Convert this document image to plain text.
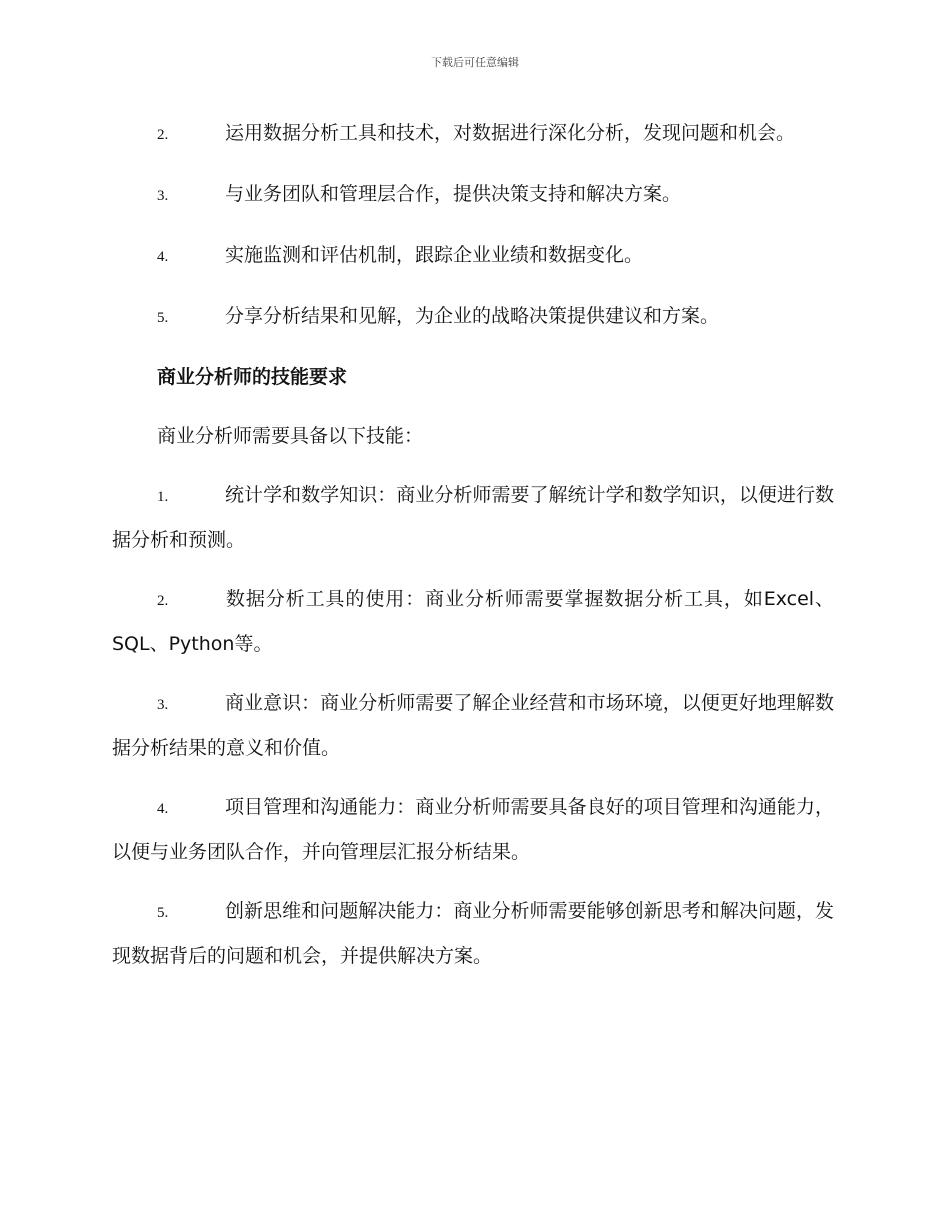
下载后可任意编辑
2.	运用数据分析工具和技术，对数据进行深化分析，发现问题和机会。
3.	与业务团队和管理层合作，提供决策支持和解决方案。
4.	实施监测和评估机制，跟踪企业业绩和数据变化。
5.	分享分析结果和见解，为企业的战略决策提供建议和方案。
商业分析师的技能要求
商业分析师需要具备以下技能：
1.	统计学和数学知识：商业分析师需要了解统计学和数学知识，以便进行数据分析和预测。
2.	数据分析工具的使用：商业分析师需要掌握数据分析工具，如Excel、SQL、Python等。
3.	商业意识：商业分析师需要了解企业经营和市场环境，以便更好地理解数据分析结果的意义和价值。
4.	项目管理和沟通能力：商业分析师需要具备良好的项目管理和沟通能力，以便与业务团队合作，并向管理层汇报分析结果。
5.	创新思维和问题解决能力：商业分析师需要能够创新思考和解决问题，发现数据背后的问题和机会，并提供解决方案。
